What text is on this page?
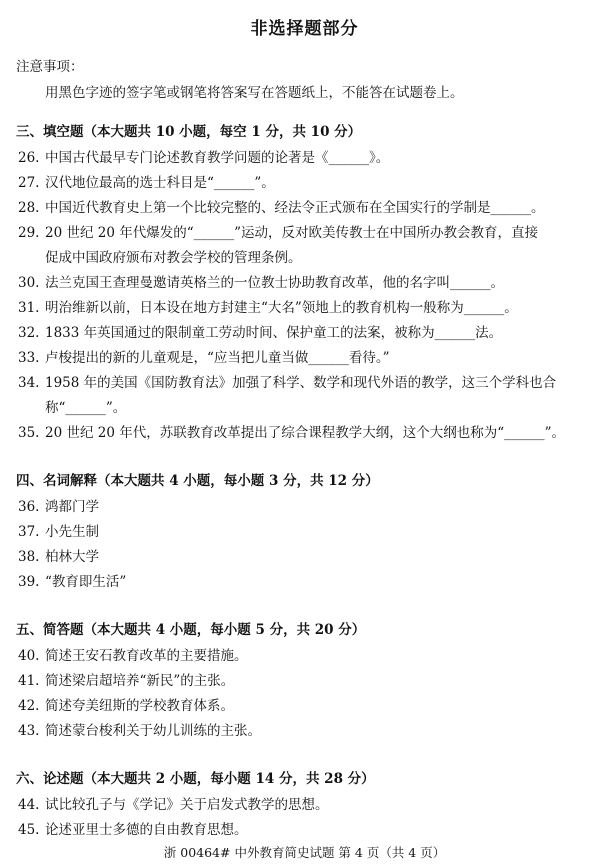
非选择题部分
注意事项：
用黑色字迹的签字笔或钢笔将答案写在答题纸上，不能答在试题卷上。
三、填空题（本大题共 10 小题，每空 1 分，共 10 分）
26. 中国古代最早专门论述教育教学问题的论著是《______》。
27. 汉代地位最高的选士科目是“______”。
28. 中国近代教育史上第一个比较完整的、经法令正式颁布在全国实行的学制是______。
29. 20 世纪 20 年代爆发的“______”运动，反对欧美传教士在中国所办教会教育，直接
促成中国政府颁布对教会学校的管理条例。
30. 法兰克国王查理曼邀请英格兰的一位教士协助教育改革，他的名字叫______。
31. 明治维新以前，日本设在地方封建主“大名”领地上的教育机构一般称为______。
32. 1833 年英国通过的限制童工劳动时间、保护童工的法案，被称为______法。
33. 卢梭提出的新的儿童观是，“应当把儿童当做______看待。”
34. 1958 年的美国《国防教育法》加强了科学、数学和现代外语的教学，这三个学科也合
称“______”。
35. 20 世纪 20 年代，苏联教育改革提出了综合课程教学大纲，这个大纲也称为“______”。
四、名词解释（本大题共 4 小题，每小题 3 分，共 12 分）
36. 鸿都门学
37. 小先生制
38. 柏林大学
39. “教育即生活”
五、简答题（本大题共 4 小题，每小题 5 分，共 20 分）
40. 简述王安石教育改革的主要措施。
41. 简述梁启超培养“新民”的主张。
42. 简述夸美纽斯的学校教育体系。
43. 简述蒙台梭利关于幼儿训练的主张。
六、论述题（本大题共 2 小题，每小题 14 分，共 28 分）
44. 试比较孔子与《学记》关于启发式教学的思想。
45. 论述亚里士多德的自由教育思想。
浙 00464# 中外教育简史试题 第 4 页（共 4 页）
